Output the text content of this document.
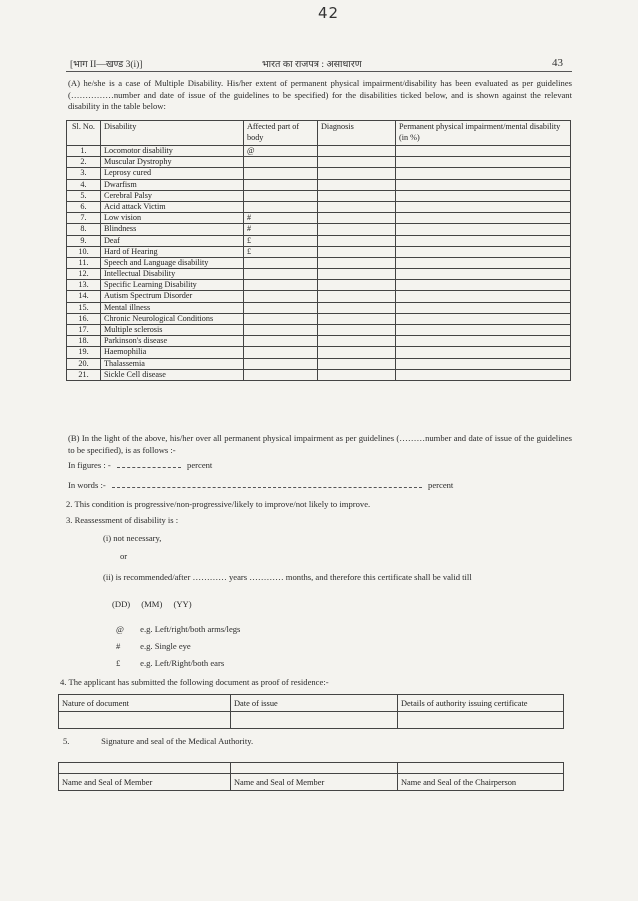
42
[भाग II—खण्ड 3(i)]	भारत का राजपत्र : असाधारण	43
(A) he/she is a case of Multiple Disability. His/her extent of permanent physical impairment/disability has been evaluated as per guidelines (……………number and date of issue of the guidelines to be specified) for the disabilities ticked below, and is shown against the relevant disability in the table below:
Sl. No.	Disability	Affected part of body	Diagnosis	Permanent physical impairment/mental disability (in %)
1.	Locomotor disability	@		
2.	Muscular Dystrophy			
3.	Leprosy cured			
4.	Dwarfism			
5.	Cerebral Palsy			
6.	Acid attack Victim			
7.	Low vision	#		
8.	Blindness	#		
9.	Deaf	£		
10.	Hard of Hearing	£		
11.	Speech and Language disability			
12.	Intellectual Disability			
13.	Specific Learning Disability			
14.	Autism Spectrum Disorder			
15.	Mental illness			
16.	Chronic Neurological Conditions			
17.	Multiple sclerosis			
18.	Parkinson's disease			
19.	Haemophilia			
20.	Thalassemia			
21.	Sickle Cell disease			
(B) In the light of the above, his/her over all permanent physical impairment as per guidelines (………number and date of issue of the guidelines to be specified), is as follows :-
In figures : -	percent
In words :-	percent
2. This condition is progressive/non-progressive/likely to improve/not likely to improve.
3. Reassessment of disability is :
(i) not necessary,
or
(ii) is recommended/after ………… years ………… months, and therefore this certificate shall be valid till
(DD) (MM) (YY)
@ e.g. Left/right/both arms/legs
# e.g. Single eye
£ e.g. Left/Right/both ears
4. The applicant has submitted the following document as proof of residence:-
Nature of document	Date of issue	Details of authority issuing certificate

5.	Signature and seal of the Medical Authority.

Name and Seal of Member	Name and Seal of Member	Name and Seal of the Chairperson
